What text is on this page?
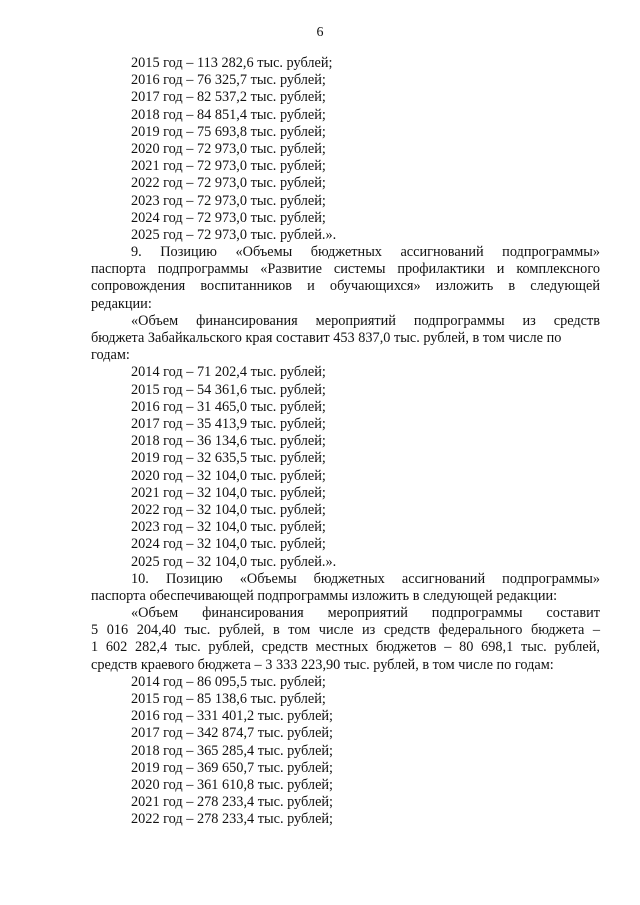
6
2015 год – 113 282,6 тыс. рублей;
2016 год – 76 325,7 тыс. рублей;
2017 год – 82 537,2 тыс. рублей;
2018 год – 84 851,4 тыс. рублей;
2019 год – 75 693,8 тыс. рублей;
2020 год – 72 973,0 тыс. рублей;
2021 год – 72 973,0 тыс. рублей;
2022 год – 72 973,0 тыс. рублей;
2023 год – 72 973,0 тыс. рублей;
2024 год – 72 973,0 тыс. рублей;
2025 год – 72 973,0 тыс. рублей.».
9. Позицию «Объемы бюджетных ассигнований подпрограммы»
паспорта подпрограммы «Развитие системы профилактики и комплексного
сопровождения воспитанников и обучающихся» изложить в следующей
редакции:
«Объем финансирования мероприятий подпрограммы из средств
бюджета Забайкальского края составит 453 837,0 тыс. рублей, в том числе по
годам:
2014 год – 71 202,4 тыс. рублей;
2015 год – 54 361,6 тыс. рублей;
2016 год – 31 465,0 тыс. рублей;
2017 год – 35 413,9 тыс. рублей;
2018 год – 36 134,6 тыс. рублей;
2019 год – 32 635,5 тыс. рублей;
2020 год – 32 104,0 тыс. рублей;
2021 год – 32 104,0 тыс. рублей;
2022 год – 32 104,0 тыс. рублей;
2023 год – 32 104,0 тыс. рублей;
2024 год – 32 104,0 тыс. рублей;
2025 год – 32 104,0 тыс. рублей.».
10. Позицию «Объемы бюджетных ассигнований подпрограммы»
паспорта обеспечивающей подпрограммы изложить в следующей редакции:
«Объем финансирования мероприятий подпрограммы составит
5 016 204,40 тыс. рублей, в том числе из средств федерального бюджета –
1 602 282,4 тыс. рублей, средств местных бюджетов – 80 698,1 тыс. рублей,
средств краевого бюджета – 3 333 223,90 тыс. рублей, в том числе по годам:
2014 год – 86 095,5 тыс. рублей;
2015 год – 85 138,6 тыс. рублей;
2016 год – 331 401,2 тыс. рублей;
2017 год – 342 874,7 тыс. рублей;
2018 год – 365 285,4 тыс. рублей;
2019 год – 369 650,7 тыс. рублей;
2020 год – 361 610,8 тыс. рублей;
2021 год – 278 233,4 тыс. рублей;
2022 год – 278 233,4 тыс. рублей;
